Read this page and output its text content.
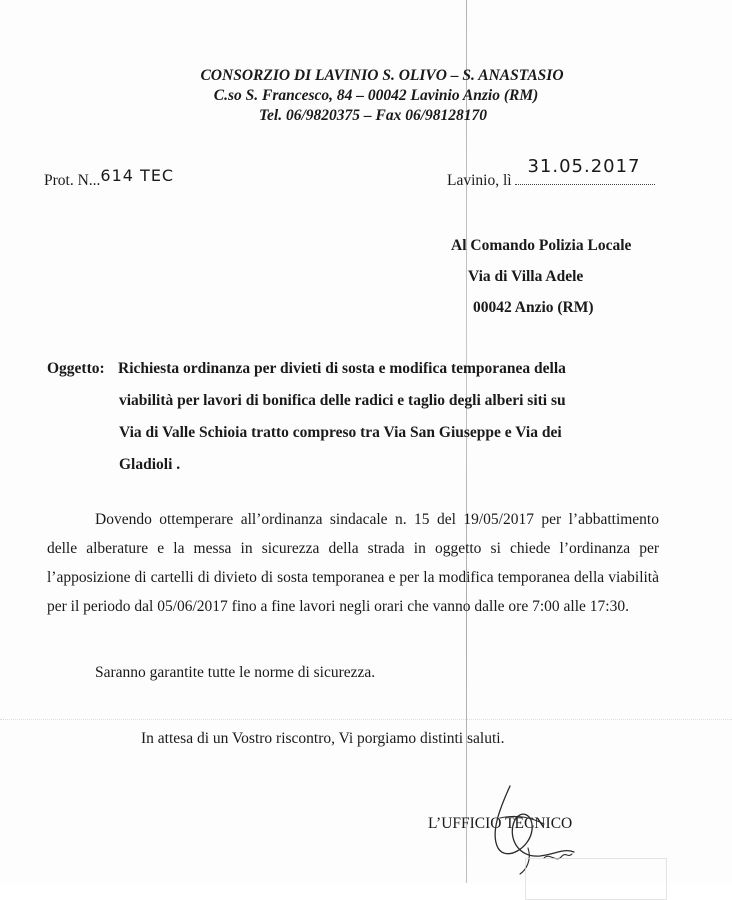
CONSORZIO DI LAVINIO S. OLIVO – S. ANASTASIO
C.so S. Francesco, 84 – 00042 Lavinio Anzio (RM)
Tel. 06/9820375 – Fax 06/98128170
Prot. N...614 TEC	Lavinio, lì
31.05.2017
Al Comando Polizia Locale
Via di Villa Adele
00042 Anzio (RM)
Oggetto: Richiesta ordinanza per divieti di sosta e modifica temporanea della
viabilità per lavori di bonifica delle radici e taglio degli alberi siti su
Via di Valle Schioia tratto compreso tra Via San Giuseppe e Via dei
Gladioli .
Dovendo ottemperare all’ordinanza sindacale n. 15 del 19/05/2017 per l’abbattimento delle alberature e la messa in sicurezza della strada in oggetto si chiede l’ordinanza per l’apposizione di cartelli di divieto di sosta temporanea e per la modifica temporanea della viabilità per il periodo dal 05/06/2017 fino a fine lavori negli orari che vanno dalle ore 7:00 alle 17:30.
Saranno garantite tutte le norme di sicurezza.
In attesa di un Vostro riscontro, Vi porgiamo distinti saluti.
L’UFFICIO TECNICO
